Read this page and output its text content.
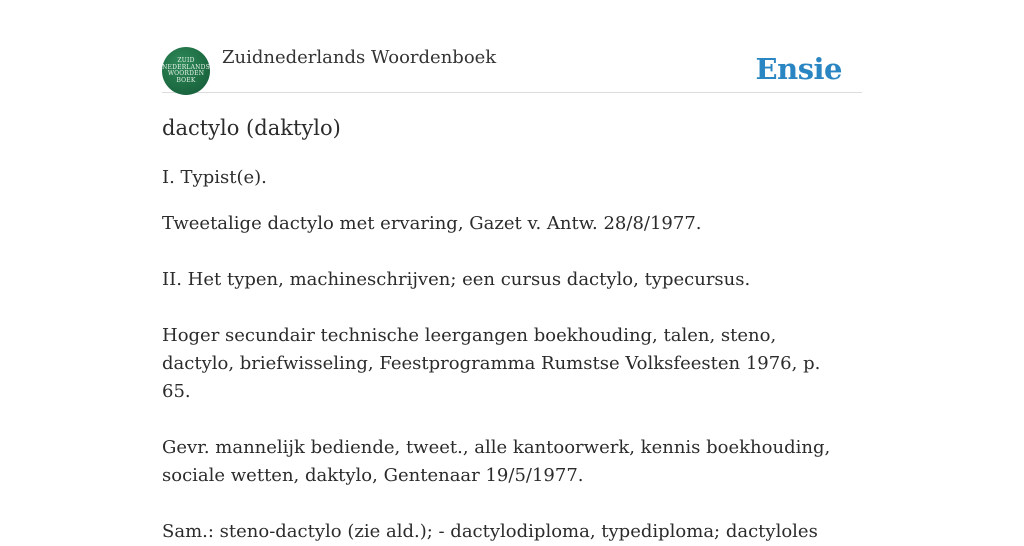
ZUID
NEDERLANDS
WOORDEN
BOEK
Zuidnederlands Woordenboek	Ensie
dactylo (daktylo)

I. Typist(e).

Tweetalige dactylo met ervaring, Gazet v. Antw. 28/8/1977.

II. Het typen, machineschrijven; een cursus dactylo, typecursus.

Hoger secundair technische leergangen boekhouding, talen, steno, dactylo, briefwisseling, Feestprogramma Rumstse Volksfeesten 1976, p. 65.

Gevr. mannelijk bediende, tweet., alle kantoorwerk, kennis boekhouding, sociale wetten, daktylo, Gentenaar 19/5/1977.

Sam.: steno-dactylo (zie ald.); - dactylodiploma, typediploma; dactyloles
